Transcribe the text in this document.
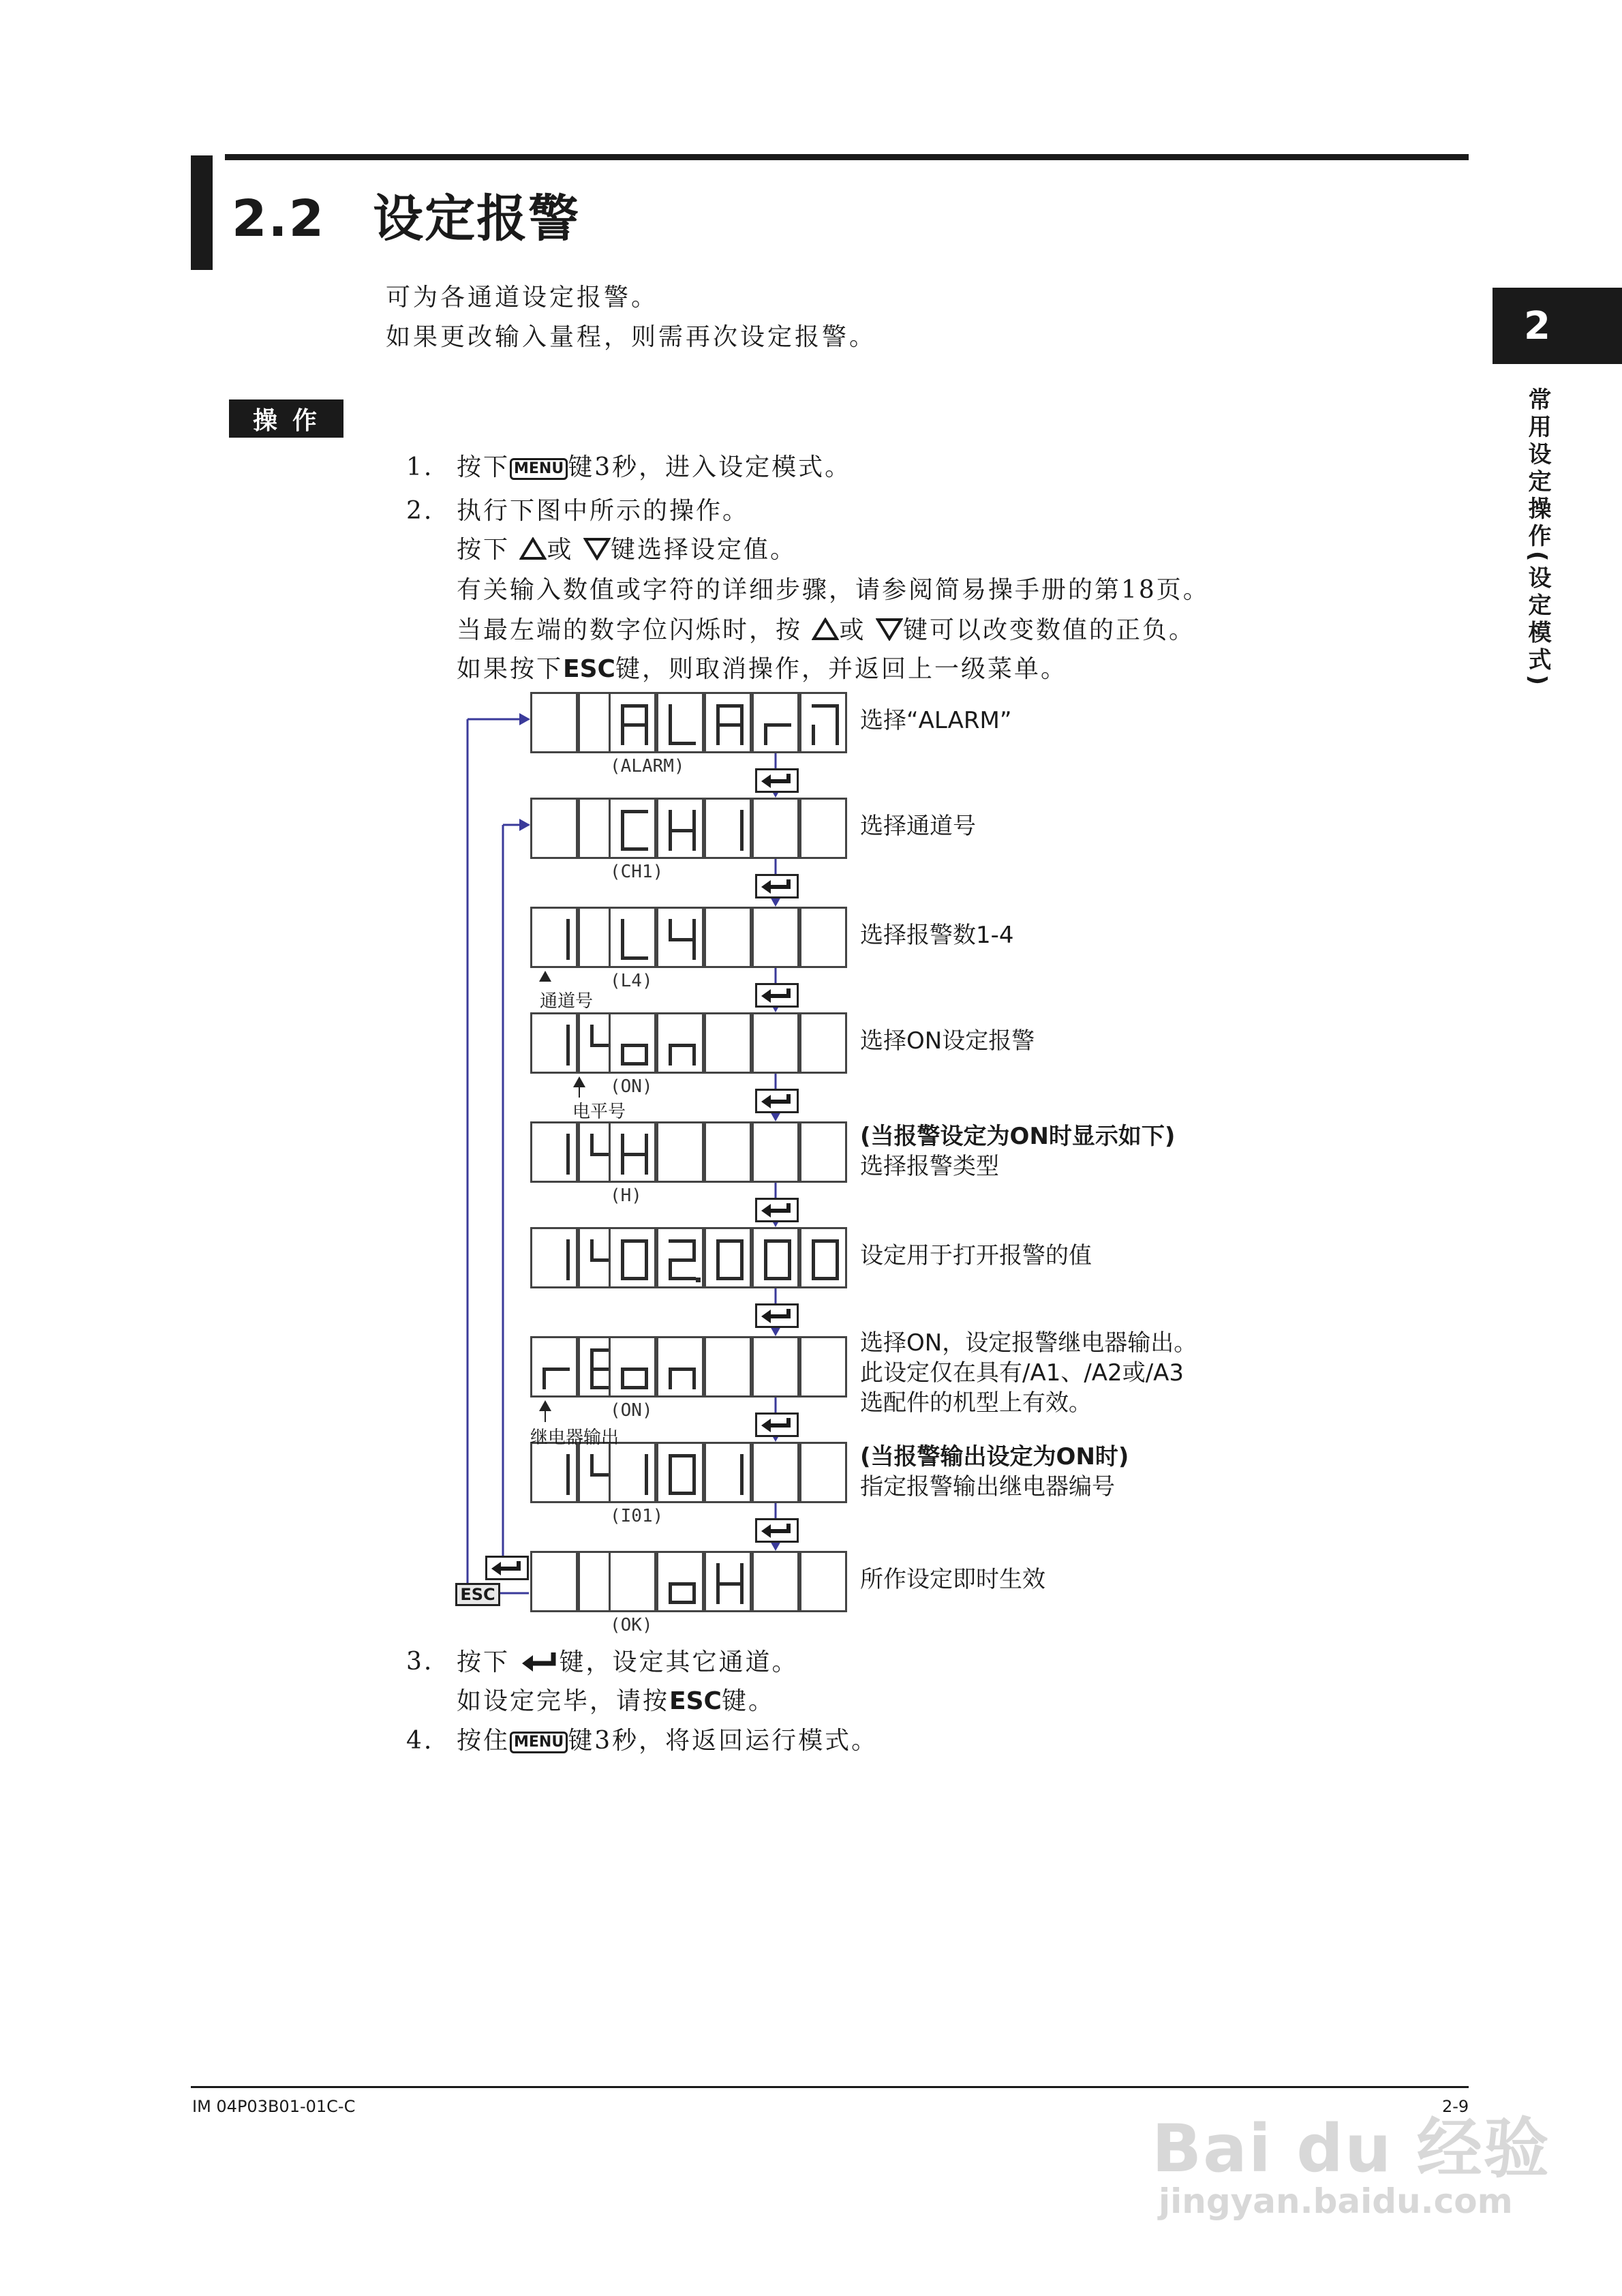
2.2 设定报警
2
常用设定操作(设定模式)
可为各通道设定报警。
如果更改输入量程，则需再次设定报警。
操作
1. 按下 MENU 键3秒，进入设定模式。
2. 执行下图中所示的操作。
按下 或 键选择设定值。
有关输入数值或字符的详细步骤，请参阅简易操手册的第18页。
当最左端的数字位闪烁时，按 或 键可以改变数值的正负。
如果按下ESC键，则取消操作，并返回上一级菜单。
(ALARM)
选择“ALARM”
(CH1)
选择通道号
(L4)
选择报警数1-4
(ON)
选择ON设定报警
(H)
(当报警设定为ON时显示如下)
选择报警类型
设定用于打开报警的值
(ON)
选择ON，设定报警继电器输出。
此设定仅在具有/A1、/A2或/A3
选配件的机型上有效。
(I01)
(当报警输出设定为ON时)
指定报警输出继电器编号
(OK)
所作设定即时生效
ESC
通道号
电平号
继电器输出
3. 按下 键，设定其它通道。
如设定完毕，请按ESC键。
4. 按住 MENU 键3秒，将返回运行模式。
IM 04P03B01-01C-C	2-9
Bai du 经验
jingyan.baidu.com
